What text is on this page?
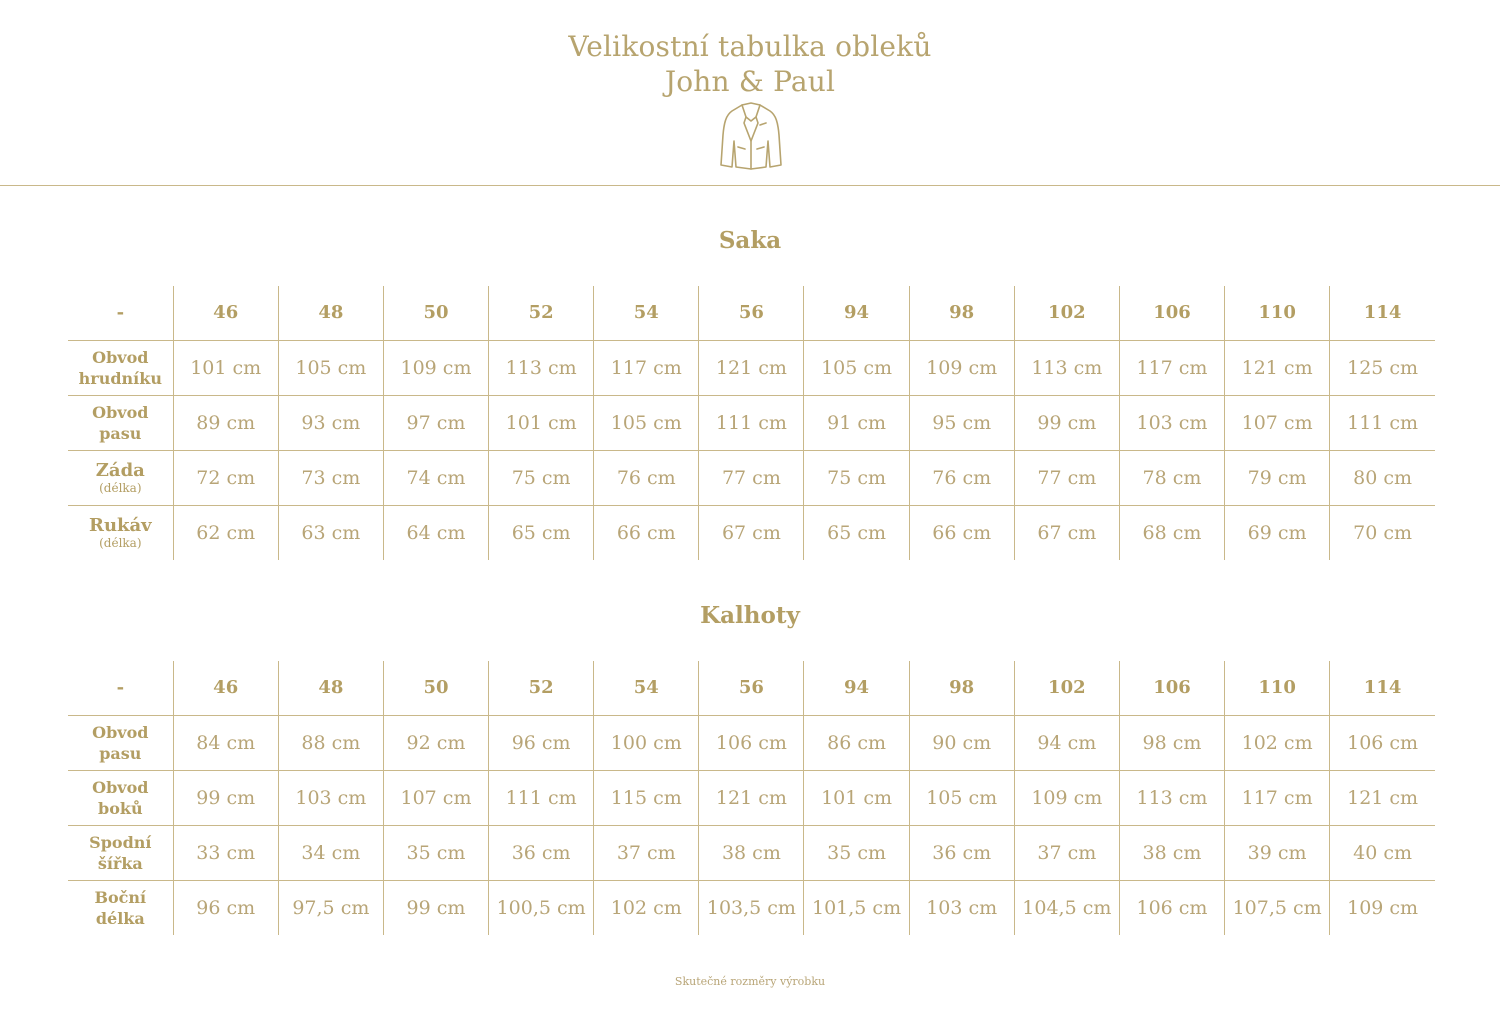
Velikostní tabulka obleků
John & Paul
Saka
-	46	48	50	52	54	56	94	98	102	106	110	114

Obvod
hrudníku	101 cm	105 cm	109 cm	113 cm	117 cm	121 cm	105 cm	109 cm	113 cm	117 cm	121 cm	125 cm

Obvod
pasu	89 cm	93 cm	97 cm	101 cm	105 cm	111 cm	91 cm	95 cm	99 cm	103 cm	107 cm	111 cm

Záda
(délka)	72 cm	73 cm	74 cm	75 cm	76 cm	77 cm	75 cm	76 cm	77 cm	78 cm	79 cm	80 cm

Rukáv
(délka)	62 cm	63 cm	64 cm	65 cm	66 cm	67 cm	65 cm	66 cm	67 cm	68 cm	69 cm	70 cm
Kalhoty
-	46	48	50	52	54	56	94	98	102	106	110	114

Obvod
pasu	84 cm	88 cm	92 cm	96 cm	100 cm	106 cm	86 cm	90 cm	94 cm	98 cm	102 cm	106 cm

Obvod
boků	99 cm	103 cm	107 cm	111 cm	115 cm	121 cm	101 cm	105 cm	109 cm	113 cm	117 cm	121 cm

Spodní
šířka	33 cm	34 cm	35 cm	36 cm	37 cm	38 cm	35 cm	36 cm	37 cm	38 cm	39 cm	40 cm

Boční
délka	96 cm	97,5 cm	99 cm	100,5 cm	102 cm	103,5 cm	101,5 cm	103 cm	104,5 cm	106 cm	107,5 cm	109 cm
Skutečné rozměry výrobku
